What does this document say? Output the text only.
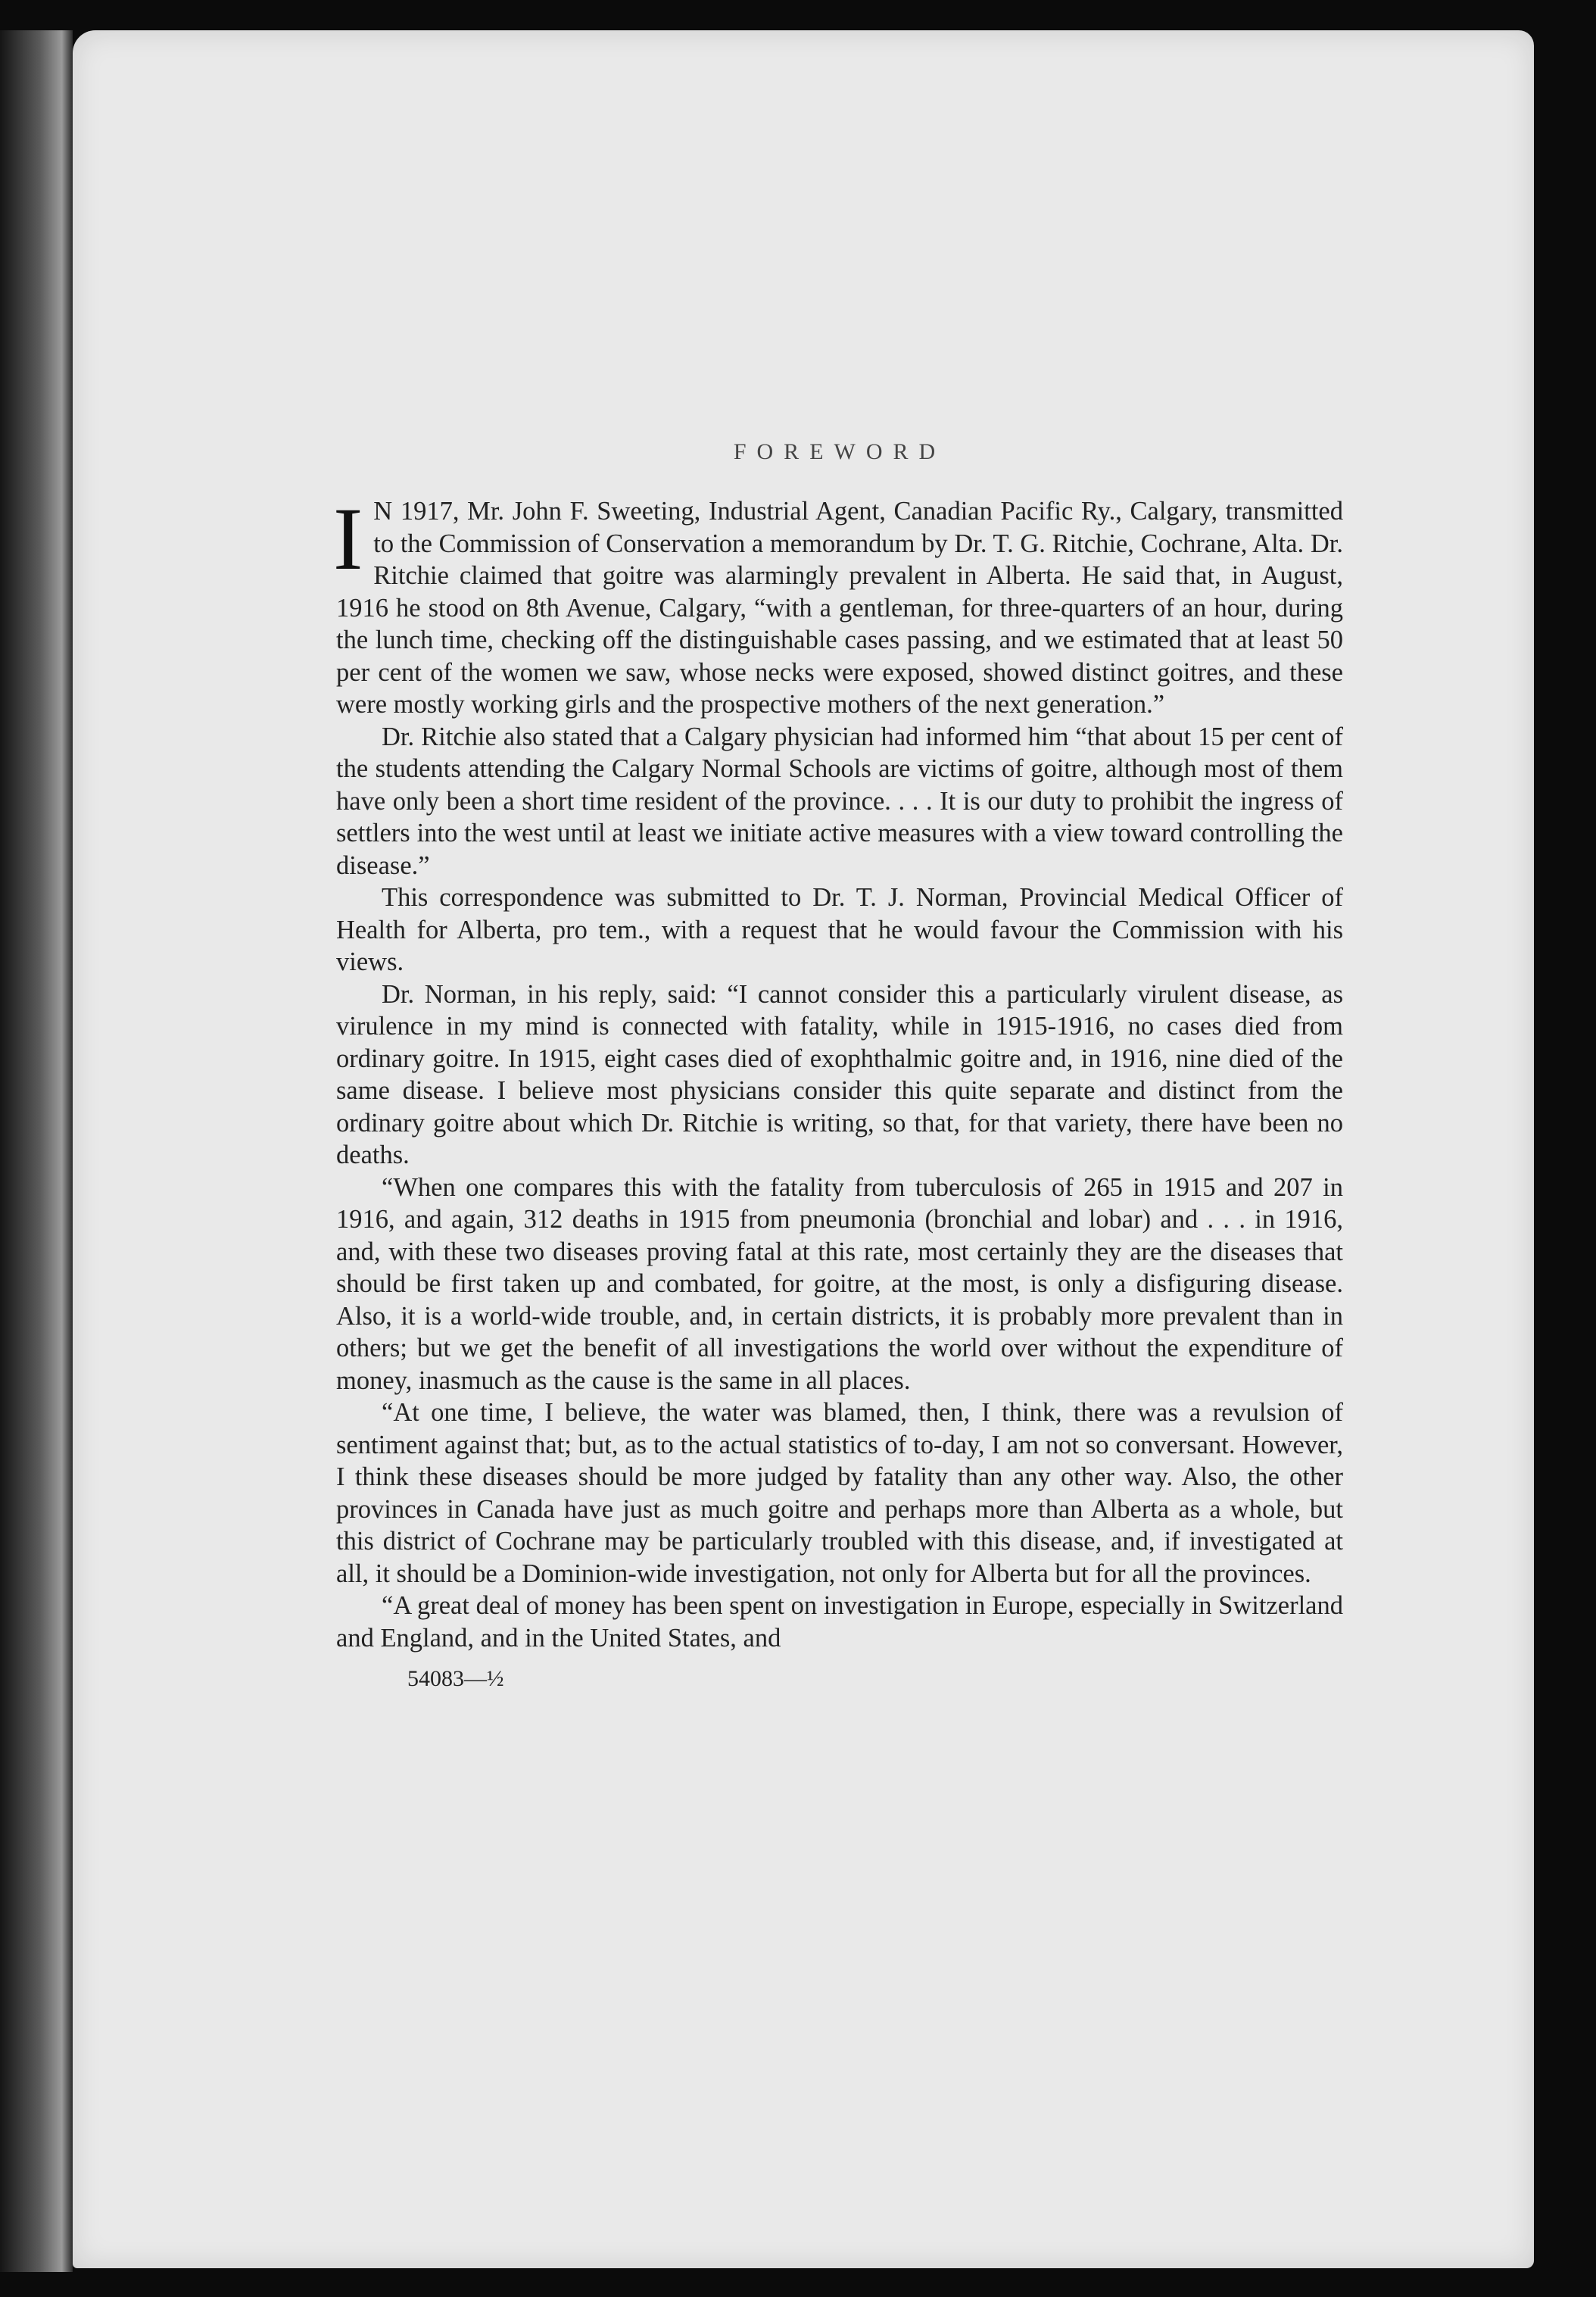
FOREWORD

I N 1917, Mr. John F. Sweeting, Industrial Agent, Canadian Pacific Ry., Calgary, transmitted to the Commission of Conservation a memorandum by Dr. T. G. Ritchie, Cochrane, Alta. Dr. Ritchie claimed that goitre was alarmingly prevalent in Alberta. He said that, in August, 1916 he stood on 8th Avenue, Calgary, “with a gentleman, for three-quarters of an hour, during the lunch time, checking off the distinguishable cases passing, and we estimated that at least 50 per cent of the women we saw, whose necks were exposed, showed distinct goitres, and these were mostly working girls and the prospective mothers of the next generation.”

Dr. Ritchie also stated that a Calgary physician had informed him “that about 15 per cent of the students attending the Calgary Normal Schools are victims of goitre, although most of them have only been a short time resident of the province. . . . It is our duty to prohibit the ingress of settlers into the west until at least we initiate active measures with a view toward controlling the disease.”

This correspondence was submitted to Dr. T. J. Norman, Provincial Medical Officer of Health for Alberta, pro tem., with a request that he would favour the Commission with his views.

Dr. Norman, in his reply, said: “I cannot consider this a particularly virulent disease, as virulence in my mind is connected with fatality, while in 1915-1916, no cases died from ordinary goitre. In 1915, eight cases died of exophthalmic goitre and, in 1916, nine died of the same disease. I believe most physicians consider this quite separate and distinct from the ordinary goitre about which Dr. Ritchie is writing, so that, for that variety, there have been no deaths.

“When one compares this with the fatality from tuberculosis of 265 in 1915 and 207 in 1916, and again, 312 deaths in 1915 from pneumonia (bronchial and lobar) and . . . in 1916, and, with these two diseases proving fatal at this rate, most certainly they are the diseases that should be first taken up and combated, for goitre, at the most, is only a disfiguring disease. Also, it is a world-wide trouble, and, in certain districts, it is probably more prevalent than in others; but we get the benefit of all investigations the world over without the expenditure of money, inasmuch as the cause is the same in all places.

“At one time, I believe, the water was blamed, then, I think, there was a revulsion of sentiment against that; but, as to the actual statistics of to-day, I am not so conversant. However, I think these diseases should be more judged by fatality than any other way. Also, the other provinces in Canada have just as much goitre and perhaps more than Alberta as a whole, but this district of Cochrane may be particularly troubled with this disease, and, if investigated at all, it should be a Dominion-wide investigation, not only for Alberta but for all the provinces.

“A great deal of money has been spent on investigation in Europe, especially in Switzerland and England, and in the United States, and

54083—½
